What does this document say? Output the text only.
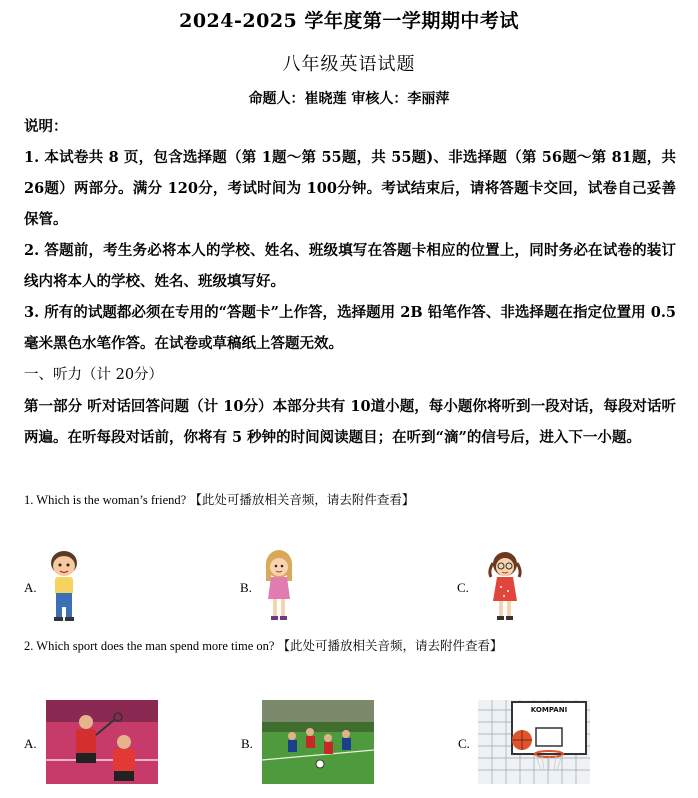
2024-2025 学年度第一学期期中考试
八年级英语试题
命题人：崔晓莲 审核人：李丽萍
说明：
1. 本试卷共 8 页，包含选择题（第 1题～第 55题，共 55题)、非选择题（第 56题～第 81题，共 26题）两部分。满分 120分，考试时间为 100分钟。考试结束后，请将答题卡交回，试卷自己妥善保管。
2. 答题前，考生务必将本人的学校、姓名、班级填写在答题卡相应的位置上，同时务必在试卷的装订线内将本人的学校、姓名、班级填写好。
3. 所有的试题都必须在专用的“答题卡”上作答，选择题用 2B 铅笔作答、非选择题在指定位置用 0.5毫米黑色水笔作答。在试卷或草稿纸上答题无效。
一、听力（计 20分）
第一部分 听对话回答问题（计 10分）本部分共有 10道小题，每小题你将听到一段对话，每段对话听两遍。在听每段对话前，你将有 5 秒钟的时间阅读题目；在听到“滴”的信号后，进入下一小题。
1. Which is the woman’s friend? 【此处可播放相关音频，请去附件查看】
A.	B.	C.
2. Which sport does the man spend more time on? 【此处可播放相关音频，请去附件查看】
A.	B.	C.
KOMPANI
